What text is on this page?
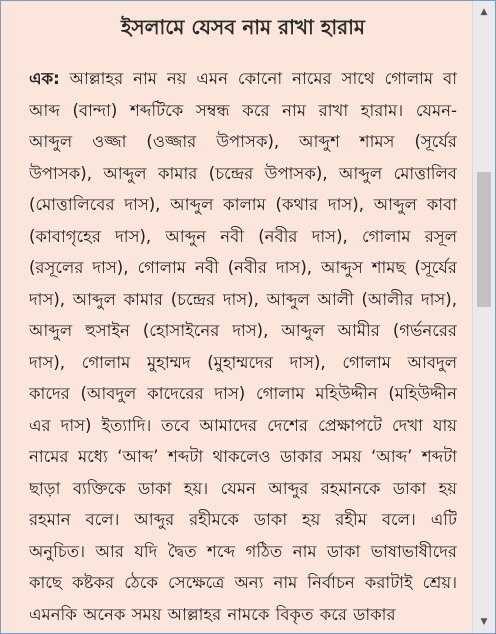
ইসলামে যেসব নাম রাখা হারাম
এক: আল্লাহর নাম নয় এমন কোনো নামের সাথে গোলাম বা
আব্দ (বান্দা) শব্দটিকে সম্বন্ধ করে নাম রাখা হারাম। যেমন-
আব্দুল ওজ্জা (ওজ্জার উপাসক), আব্দুশ শামস (সূর্যের
উপাসক), আব্দুল কামার (চন্দ্রের উপাসক), আব্দুল মোত্তালিব
(মোত্তালিবের দাস), আব্দুল কালাম (কথার দাস), আব্দুল কাবা
(কাবাগৃহের দাস), আব্দুন নবী (নবীর দাস), গোলাম রসূল
(রসূলের দাস), গোলাম নবী (নবীর দাস), আব্দুস শামছ (সূর্যের
দাস), আব্দুল কামার (চন্দ্রের দাস), আব্দুল আলী (আলীর দাস),
আব্দুল হুসাইন (হোসাইনের দাস), আব্দুল আমীর (গর্ভনরের
দাস), গোলাম মুহাম্মদ (মুহাম্মদের দাস), গোলাম আবদুল
কাদের (আবদুল কাদেরের দাস) গোলাম মহিউদ্দীন (মহিউদ্দীন
এর দাস) ইত্যাদি। তবে আমাদের দেশের প্রেক্ষাপটে দেখা যায়
নামের মধ্যে ‘আব্দ’ শব্দটা থাকলেও ডাকার সময় ‘আব্দ’ শব্দটা
ছাড়া ব্যক্তিকে ডাকা হয়। যেমন আব্দুর রহমানকে ডাকা হয়
রহমান বলে। আব্দুর রহীমকে ডাকা হয় রহীম বলে। এটি
অনুচিত। আর যদি দ্বৈত শব্দে গঠিত নাম ডাকা ভাষাভাষীদের
কাছে কষ্টকর ঠেকে সেক্ষেত্রে অন্য নাম নির্বাচন করাটাই শ্রেয়।
এমনকি অনেক সময় আল্লাহর নামকে বিকৃত করে ডাকার
▲
▼
